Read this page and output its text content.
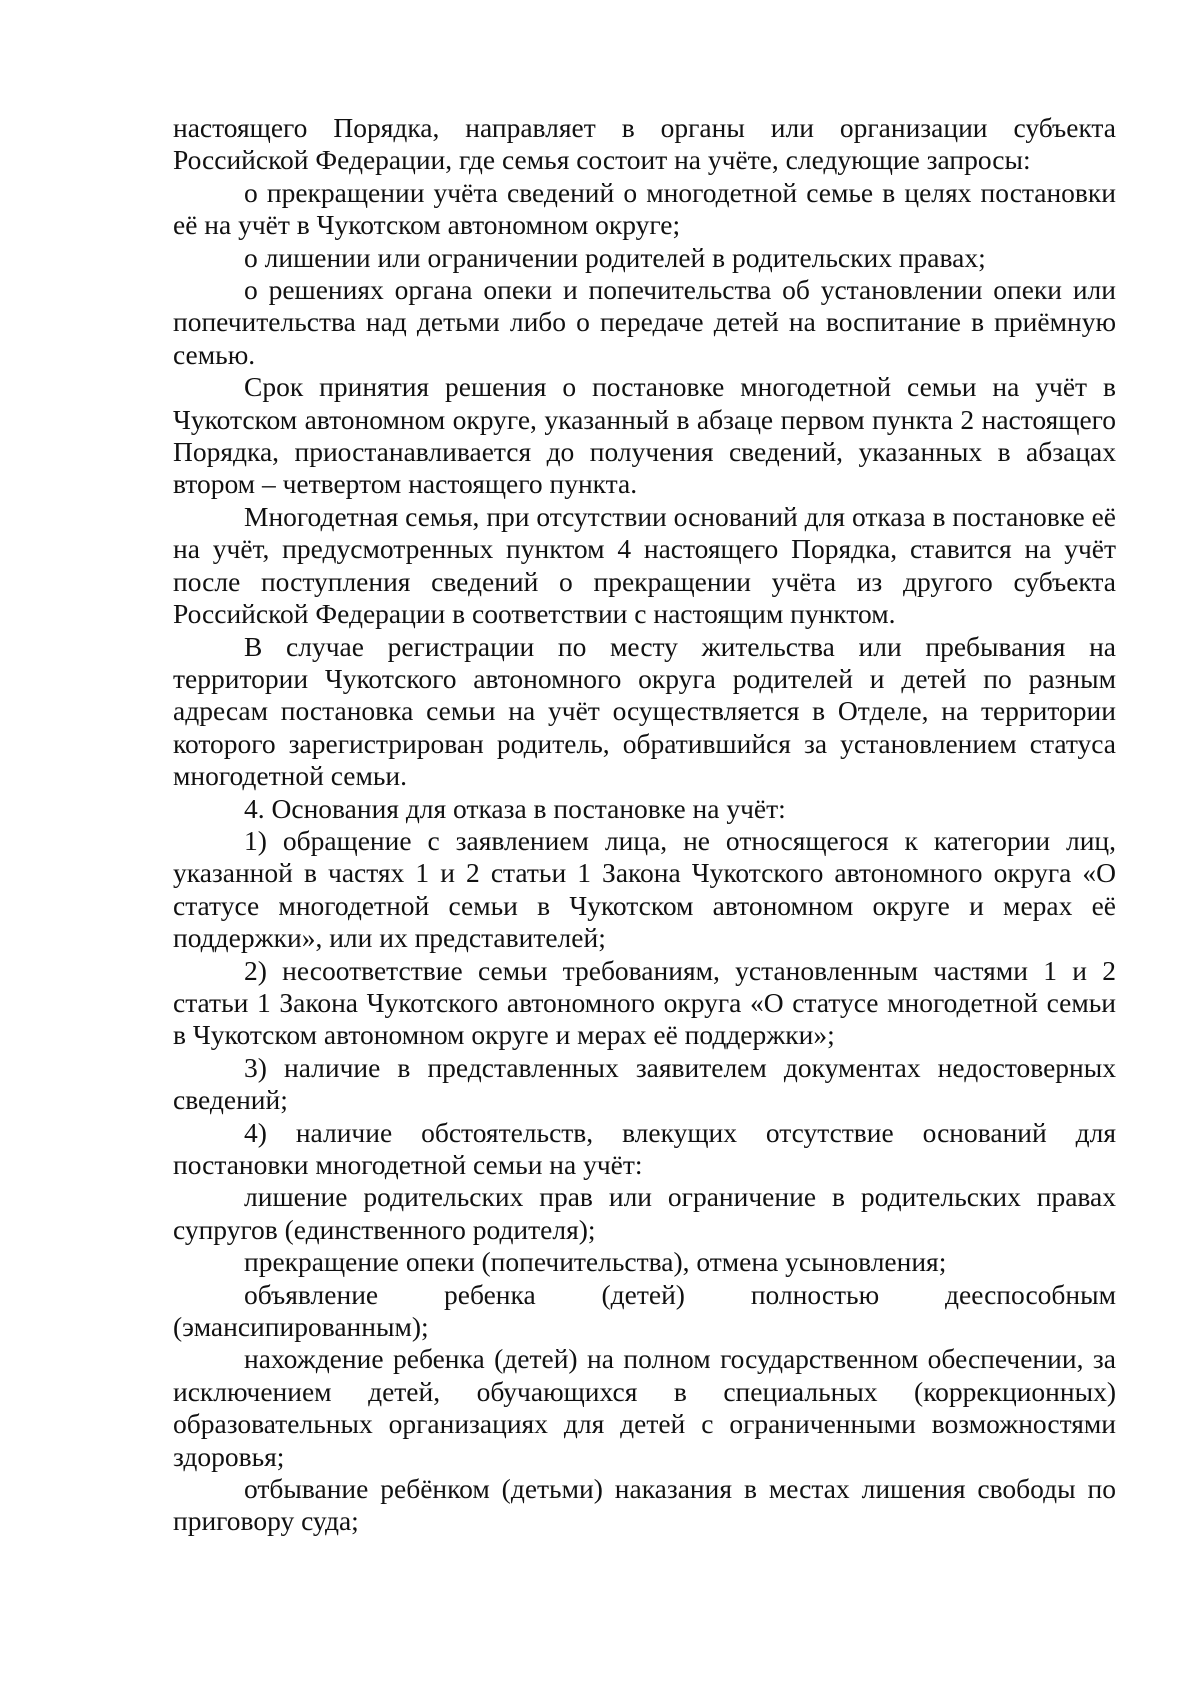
настоящего Порядка, направляет в органы или организации субъекта Российской Федерации, где семья состоит на учёте, следующие запросы:

о прекращении учёта сведений о многодетной семье в целях постановки её на учёт в Чукотском автономном округе;

о лишении или ограничении родителей в родительских правах;

о решениях органа опеки и попечительства об установлении опеки или попечительства над детьми либо о передаче детей на воспитание в приёмную семью.

Срок принятия решения о постановке многодетной семьи на учёт в Чукотском автономном округе, указанный в абзаце первом пункта 2 настоящего Порядка, приостанавливается до получения сведений, указанных в абзацах втором – четвертом настоящего пункта.

Многодетная семья, при отсутствии оснований для отказа в постановке её на учёт, предусмотренных пунктом 4 настоящего Порядка, ставится на учёт после поступления сведений о прекращении учёта из другого субъекта Российской Федерации в соответствии с настоящим пунктом.

В случае регистрации по месту жительства или пребывания на территории Чукотского автономного округа родителей и детей по разным адресам постановка семьи на учёт осуществляется в Отделе, на территории которого зарегистрирован родитель, обратившийся за установлением статуса многодетной семьи.

4. Основания для отказа в постановке на учёт:

1) обращение с заявлением лица, не относящегося к категории лиц, указанной в частях 1 и 2 статьи 1 Закона Чукотского автономного округа «О статусе многодетной семьи в Чукотском автономном округе и мерах её поддержки», или их представителей;

2) несоответствие семьи требованиям, установленным частями 1 и 2 статьи 1 Закона Чукотского автономного округа «О статусе многодетной семьи в Чукотском автономном округе и мерах её поддержки»;

3) наличие в представленных заявителем документах недостоверных сведений;

4) наличие обстоятельств, влекущих отсутствие оснований для постановки многодетной семьи на учёт:

лишение родительских прав или ограничение в родительских правах супругов (единственного родителя);

прекращение опеки (попечительства), отмена усыновления;

объявление ребенка (детей) полностью дееспособным (эмансипированным);

нахождение ребенка (детей) на полном государственном обеспечении, за исключением детей, обучающихся в специальных (коррекционных) образовательных организациях для детей с ограниченными возможностями здоровья;

отбывание ребёнком (детьми) наказания в местах лишения свободы по приговору суда;
